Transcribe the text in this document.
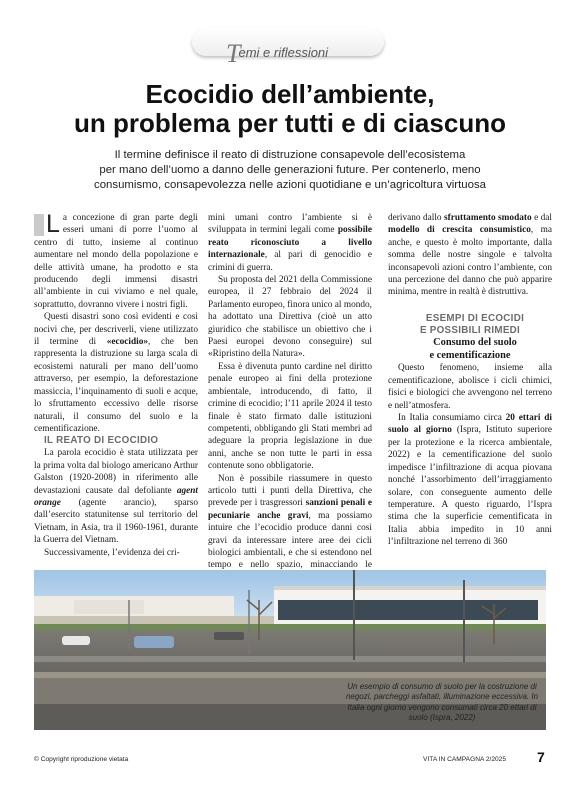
Temi e riflessioni
Ecocidio dell’ambiente,
un problema per tutti e di ciascuno

Il termine definisce il reato di distruzione consapevole dell’ecosistema
per mano dell’uomo a danno delle generazioni future. Per contenerlo, meno
consumismo, consapevolezza nelle azioni quotidiane e un’agricoltura virtuosa

La concezione di gran parte degli esseri umani di porre l’uomo al centro di tutto, insieme al continuo aumentare nel mondo della popolazione e delle attività umane, ha prodotto e sta producendo degli immensi disastri all’ambiente in cui viviamo e nel quale, soprattutto, dovranno vivere i nostri figli.

Questi disastri sono così evidenti e così nocivi che, per descriverli, viene utilizzato il termine di «ecocidio», che ben rappresenta la distruzione su larga scala di ecosistemi naturali per mano dell’uomo attraverso, per esempio, la deforestazione massiccia, l’inquinamento di suoli e acque, lo sfruttamento eccessivo delle risorse naturali, il consumo del suolo e la cementificazione.

IL REATO DI ECOCIDIO

La parola ecocidio è stata utilizzata per la prima volta dal biologo americano Arthur Galston (1920-2008) in riferimento alle devastazioni causate dal defoliante agent orange (agente arancio), sparso dall’esercito statunitense sul territorio del Vietnam, in Asia, tra il 1960-1961, durante la Guerra del Vietnam.

Successivamente, l’evidenza dei cri-

mini umani contro l’ambiente si è sviluppata in termini legali come possibile reato riconosciuto a livello internazionale, al pari di genocidio e crimini di guerra.

Su proposta del 2021 della Commissione europea, il 27 febbraio del 2024 il Parlamento europeo, finora unico al mondo, ha adottato una Direttiva (cioè un atto giuridico che stabilisce un obiettivo che i Paesi europei devono conseguire) sul «Ripristino della Natura».

Essa è divenuta punto cardine nel diritto penale europeo ai fini della protezione ambientale, introducendo, di fatto, il crimine di ecocidio; l’11 aprile 2024 il testo finale è stato firmato dalle istituzioni competenti, obbligando gli Stati membri ad adeguare la propria legislazione in due anni, anche se non tutte le parti in essa contenute sono obbligatorie.

Non è possibile riassumere in questo articolo tutti i punti della Direttiva, che prevede per i trasgressori sanzioni penali e pecuniarie anche gravi, ma possiamo intuire che l’ecocidio produce danni così gravi da interessare intere aree dei cicli biologici ambientali, e che si estendono nel tempo e nello spazio, minacciando le

derivano dallo sfruttamento smodato e dal modello di crescita consumistico, ma anche, e questo è molto importante, dalla somma delle nostre singole e talvolta inconsapevoli azioni contro l’ambiente, con una percezione del danno che può apparire minima, mentre in realtà è distruttiva.

ESEMPI DI ECOCIDI
E POSSIBILI RIMEDI

Consumo del suolo
e cementificazione

Questo fenomeno, insieme alla cementificazione, abolisce i cicli chimici, fisici e biologici che avvengono nel terreno e nell’atmosfera.

In Italia consumiamo circa 20 ettari di suolo al giorno (Ispra, Istituto superiore per la protezione e la ricerca ambientale, 2022) e la cementificazione del suolo impedisce l’infiltrazione di acqua piovana nonché l’assorbimento dell’irraggiamento solare, con conseguente aumento delle temperature. A questo riguardo, l’Ispra stima che la superficie cementificata in Italia abbia impedito in 10 anni l’infiltrazione nel terreno di 360

Un esempio di consumo di suolo per la costruzione di negozi, parcheggi asfaltati, illuminazione eccessiva. In Italia ogni giorno vengono consumati circa 20 ettari di suolo (Ispra, 2022)

© Copyright riproduzione vietata	VITA IN CAMPAGNA 2/2025 7
